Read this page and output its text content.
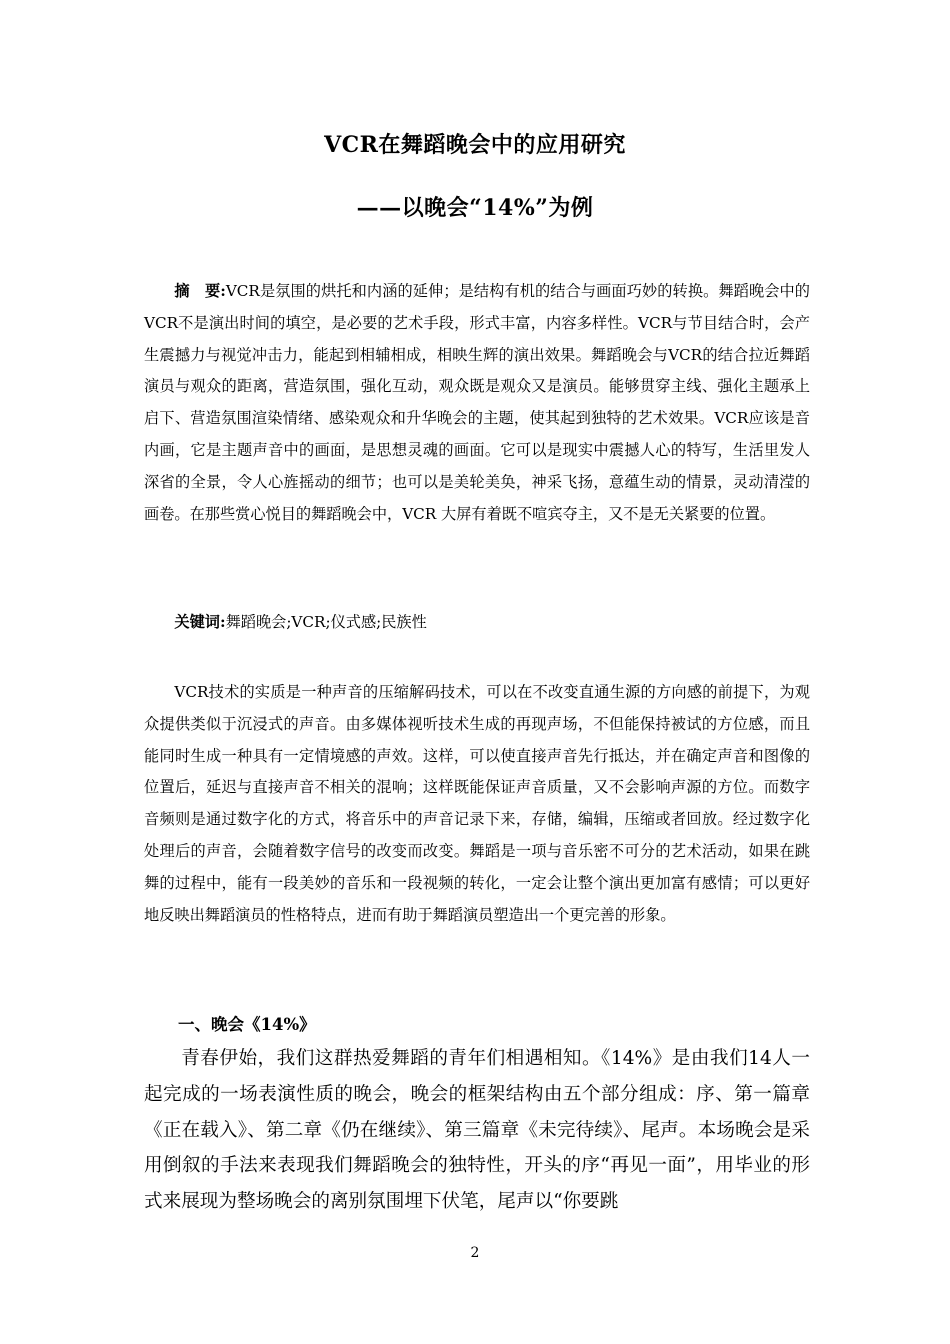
VCR在舞蹈晚会中的应用研究
——以晚会“14%”为例
摘　要:VCR是氛围的烘托和内涵的延伸；是结构有机的结合与画面巧妙的转换。舞蹈晚会中的VCR不是演出时间的填空，是必要的艺术手段，形式丰富，内容多样性。VCR与节目结合时，会产生震撼力与视觉冲击力，能起到相辅相成，相映生辉的演出效果。舞蹈晚会与VCR的结合拉近舞蹈演员与观众的距离，营造氛围，强化互动，观众既是观众又是演员。能够贯穿主线、强化主题承上启下、营造氛围渲染情绪、感染观众和升华晚会的主题，使其起到独特的艺术效果。VCR应该是音内画，它是主题声音中的画面，是思想灵魂的画面。它可以是现实中震撼人心的特写，生活里发人深省的全景，令人心旌摇动的细节；也可以是美轮美奂，神采飞扬，意蕴生动的情景，灵动清滢的画卷。在那些赏心悦目的舞蹈晚会中，VCR 大屏有着既不喧宾夺主，又不是无关紧要的位置。
关键词:舞蹈晚会;VCR;仪式感;民族性
VCR技术的实质是一种声音的压缩解码技术，可以在不改变直通生源的方向感的前提下，为观众提供类似于沉浸式的声音。由多媒体视听技术生成的再现声场，不但能保持被试的方位感，而且能同时生成一种具有一定情境感的声效。这样，可以使直接声音先行抵达，并在确定声音和图像的位置后，延迟与直接声音不相关的混响；这样既能保证声音质量，又不会影响声源的方位。而数字音频则是通过数字化的方式，将音乐中的声音记录下来，存储，编辑，压缩或者回放。经过数字化处理后的声音，会随着数字信号的改变而改变。舞蹈是一项与音乐密不可分的艺术活动，如果在跳舞的过程中，能有一段美妙的音乐和一段视频的转化，一定会让整个演出更加富有感情；可以更好地反映出舞蹈演员的性格特点，进而有助于舞蹈演员塑造出一个更完善的形象。
一、晚会《14%》
青春伊始，我们这群热爱舞蹈的青年们相遇相知。《14%》是由我们14人一起完成的一场表演性质的晚会，晚会的框架结构由五个部分组成：序、第一篇章《正在载入》、第二章《仍在继续》、第三篇章《未完待续》、尾声。本场晚会是采用倒叙的手法来表现我们舞蹈晚会的独特性，开头的序“再见一面”，用毕业的形式来展现为整场晚会的离别氛围埋下伏笔，尾声以“你要跳
2
